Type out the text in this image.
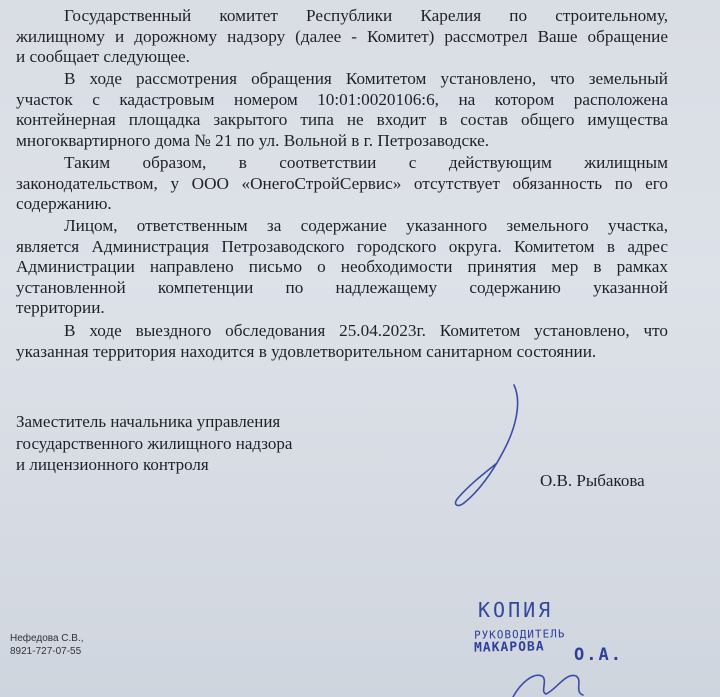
Государственный комитет Республики Карелия по строительному,
жилищному и дорожному надзору (далее - Комитет) рассмотрел Ваше обращение
и сообщает следующее.

В ходе рассмотрения обращения Комитетом установлено, что земельный
участок с кадастровым номером 10:01:0020106:6, на котором расположена
контейнерная площадка закрытого типа не входит в состав общего имущества
многоквартирного дома № 21 по ул. Вольной в г. Петрозаводске.

Таким образом, в соответствии с действующим жилищным
законодательством, у ООО «ОнегоСтройСервис» отсутствует обязанность по его
содержанию.

Лицом, ответственным за содержание указанного земельного участка,
является Администрация Петрозаводского городского округа. Комитетом в адрес
Администрации направлено письмо о необходимости принятия мер в рамках
установленной компетенции по надлежащему содержанию указанной
территории.

В ходе выездного обследования 25.04.2023г. Комитетом установлено, что
указанная территория находится в удовлетворительном санитарном состоянии.

Заместитель начальника управления
государственного жилищного надзора
и лицензионного контроля
О.В. Рыбакова
Нефедова С.В.,
8921-727-07-55
КОПИЯ
РУКОВОДИТЕЛЬ
МАКАРОВА О.А.
